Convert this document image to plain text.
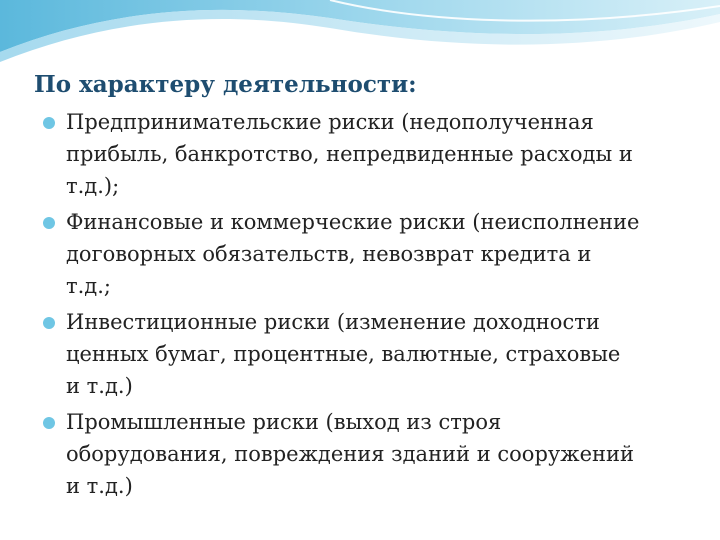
По характеру деятельности:
Предпринимательские риски (недополученная
прибыль, банкротство, непредвиденные расходы и
т.д.);
Финансовые и коммерческие риски (неисполнение
договорных обязательств, невозврат кредита и
т.д.;
Инвестиционные риски (изменение доходности
ценных бумаг, процентные, валютные, страховые
и т.д.)
Промышленные риски (выход из строя
оборудования, повреждения зданий и сооружений
и т.д.)
